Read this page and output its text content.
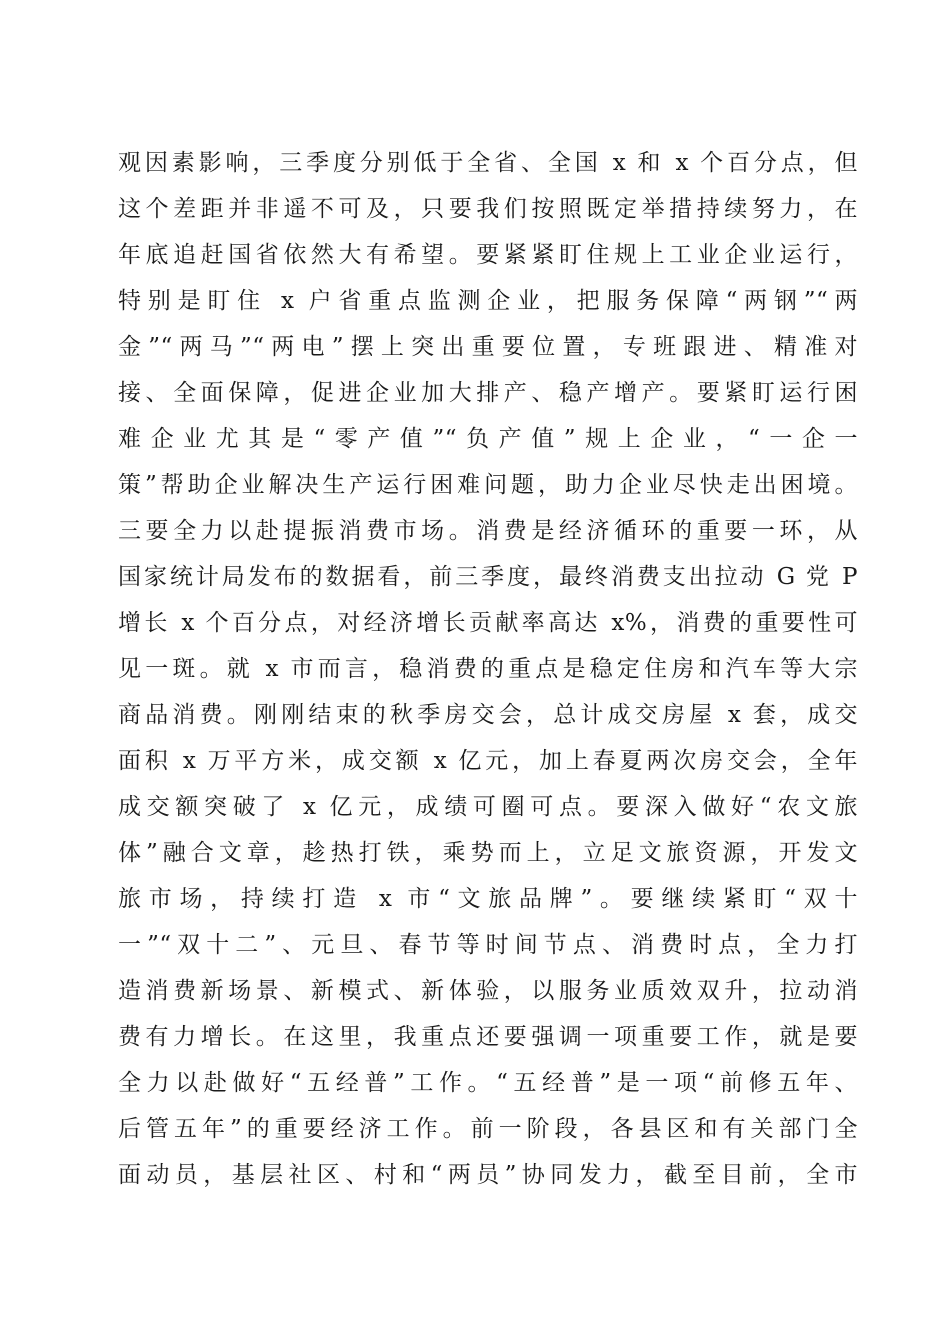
观因素影响，三季度分别低于全省、全国 x 和 x 个百分点，但
这个差距并非遥不可及，只要我们按照既定举措持续努力，在
年底追赶国省依然大有希望。要紧紧盯住规上工业企业运行，
特别是盯住 x 户省重点监测企业，把服务保障“两钢”“两
金”“两马”“两电”摆上突出重要位置，专班跟进、精准对
接、全面保障，促进企业加大排产、稳产增产。要紧盯运行困
难企业尤其是“零产值”“负产值”规上企业，“一企一
策”帮助企业解决生产运行困难问题，助力企业尽快走出困境。
三要全力以赴提振消费市场。消费是经济循环的重要一环，从
国家统计局发布的数据看，前三季度，最终消费支出拉动 G 党 P
增长 x 个百分点，对经济增长贡献率高达 x%，消费的重要性可
见一斑。就 x 市而言，稳消费的重点是稳定住房和汽车等大宗
商品消费。刚刚结束的秋季房交会，总计成交房屋 x 套，成交
面积 x 万平方米，成交额 x 亿元，加上春夏两次房交会，全年
成交额突破了 x 亿元，成绩可圈可点。要深入做好“农文旅
体”融合文章，趁热打铁，乘势而上，立足文旅资源，开发文
旅市场，持续打造 x 市“文旅品牌”。要继续紧盯“双十
一”“双十二”、元旦、春节等时间节点、消费时点，全力打
造消费新场景、新模式、新体验，以服务业质效双升，拉动消
费有力增长。在这里，我重点还要强调一项重要工作，就是要
全力以赴做好“五经普”工作。“五经普”是一项“前修五年、
后管五年”的重要经济工作。前一阶段，各县区和有关部门全
面动员，基层社区、村和“两员”协同发力，截至目前，全市
